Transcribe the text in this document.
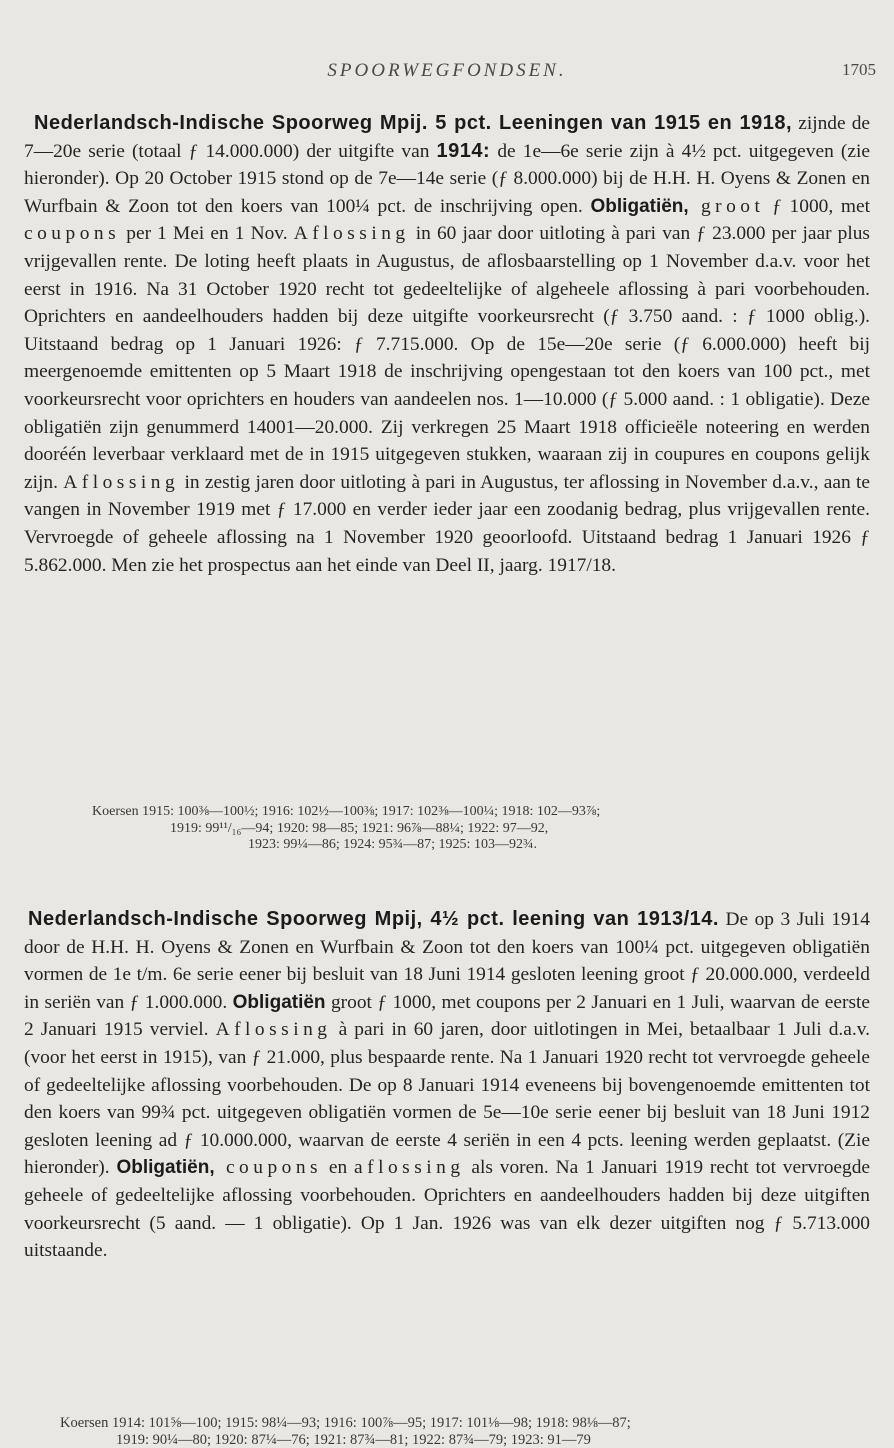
SPOORWEGFONDSEN.	1705

Nederlandsch-Indische Spoorweg Mpij. 5 pct. Leeningen van 1915 en 1918, zijnde de 7—20e serie (totaal ƒ 14.000.000) der uitgifte van 1914: de 1e—6e serie zijn à 4½ pct. uitgegeven (zie hieronder). Op 20 October 1915 stond op de 7e—14e serie (ƒ 8.000.000) bij de H.H. H. Oyens & Zonen en Wurfbain & Zoon tot den koers van 100¼ pct. de inschrijving open. Obligatiën, groot ƒ 1000, met coupons per 1 Mei en 1 Nov. Aflossing in 60 jaar door uitloting à pari van ƒ 23.000 per jaar plus vrijgevallen rente. De loting heeft plaats in Augustus, de aflosbaarstelling op 1 November d.a.v. voor het eerst in 1916. Na 31 October 1920 recht tot gedeeltelijke of algeheele aflossing à pari voorbehouden. Oprichters en aandeelhouders hadden bij deze uitgifte voorkeursrecht (ƒ 3.750 aand. : ƒ 1000 oblig.). Uitstaand bedrag op 1 Januari 1926: ƒ 7.715.000. Op de 15e—20e serie (ƒ 6.000.000) heeft bij meergenoemde emittenten op 5 Maart 1918 de inschrijving opengestaan tot den koers van 100 pct., met voorkeursrecht voor oprichters en houders van aandeelen nos. 1—10.000 (ƒ 5.000 aand. : 1 obligatie). Deze obligatiën zijn genummerd 14001—20.000. Zij verkregen 25 Maart 1918 officieële noteering en werden dooréén leverbaar verklaard met de in 1915 uitgegeven stukken, waaraan zij in coupures en coupons gelijk zijn. Aflossing in zestig jaren door uitloting à pari in Augustus, ter aflossing in November d.a.v., aan te vangen in November 1919 met ƒ 17.000 en verder ieder jaar een zoodanig bedrag, plus vrijgevallen rente. Vervroegde of geheele aflossing na 1 November 1920 geoorloofd. Uitstaand bedrag 1 Januari 1926 ƒ 5.862.000. Men zie het prospectus aan het einde van Deel II, jaarg. 1917/18.

Koersen 1915: 100⅜—100½; 1916: 102½—100⅜; 1917: 102⅜—100¼; 1918: 102—93⅞;
1919: 99¹¹/₁₆—94; 1920: 98—85; 1921: 96⅞—88¼; 1922: 97—92,
1923: 99¼—86; 1924: 95¾—87; 1925: 103—92¾.

Nederlandsch-Indische Spoorweg Mpij, 4½ pct. leening van 1913/14. De op 3 Juli 1914 door de H.H. H. Oyens & Zonen en Wurfbain & Zoon tot den koers van 100¼ pct. uitgegeven obligatiën vormen de 1e t/m. 6e serie eener bij besluit van 18 Juni 1914 gesloten leening groot ƒ 20.000.000, verdeeld in seriën van ƒ 1.000.000. Obligatiën groot ƒ 1000, met coupons per 2 Januari en 1 Juli, waarvan de eerste 2 Januari 1915 verviel. Aflossing à pari in 60 jaren, door uitlotingen in Mei, betaalbaar 1 Juli d.a.v. (voor het eerst in 1915), van ƒ 21.000, plus bespaarde rente. Na 1 Januari 1920 recht tot vervroegde geheele of gedeeltelijke aflossing voorbehouden. De op 8 Januari 1914 eveneens bij bovengenoemde emittenten tot den koers van 99¾ pct. uitgegeven obligatiën vormen de 5e—10e serie eener bij besluit van 18 Juni 1912 gesloten leening ad ƒ 10.000.000, waarvan de eerste 4 seriën in een 4 pcts. leening werden geplaatst. (Zie hieronder). Obligatiën, coupons en aflossing als voren. Na 1 Januari 1919 recht tot vervroegde geheele of gedeeltelijke aflossing voorbehouden. Oprichters en aandeelhouders hadden bij deze uitgiften voorkeursrecht (5 aand. — 1 obligatie). Op 1 Jan. 1926 was van elk dezer uitgiften nog ƒ 5.713.000 uitstaande.

Koersen 1914: 101⅝—100; 1915: 98¼—93; 1916: 100⅞—95; 1917: 101⅛—98; 1918: 98⅛—87;
1919: 90¼—80; 1920: 87¼—76; 1921: 87¾—81; 1922: 87¾—79; 1923: 91—79
